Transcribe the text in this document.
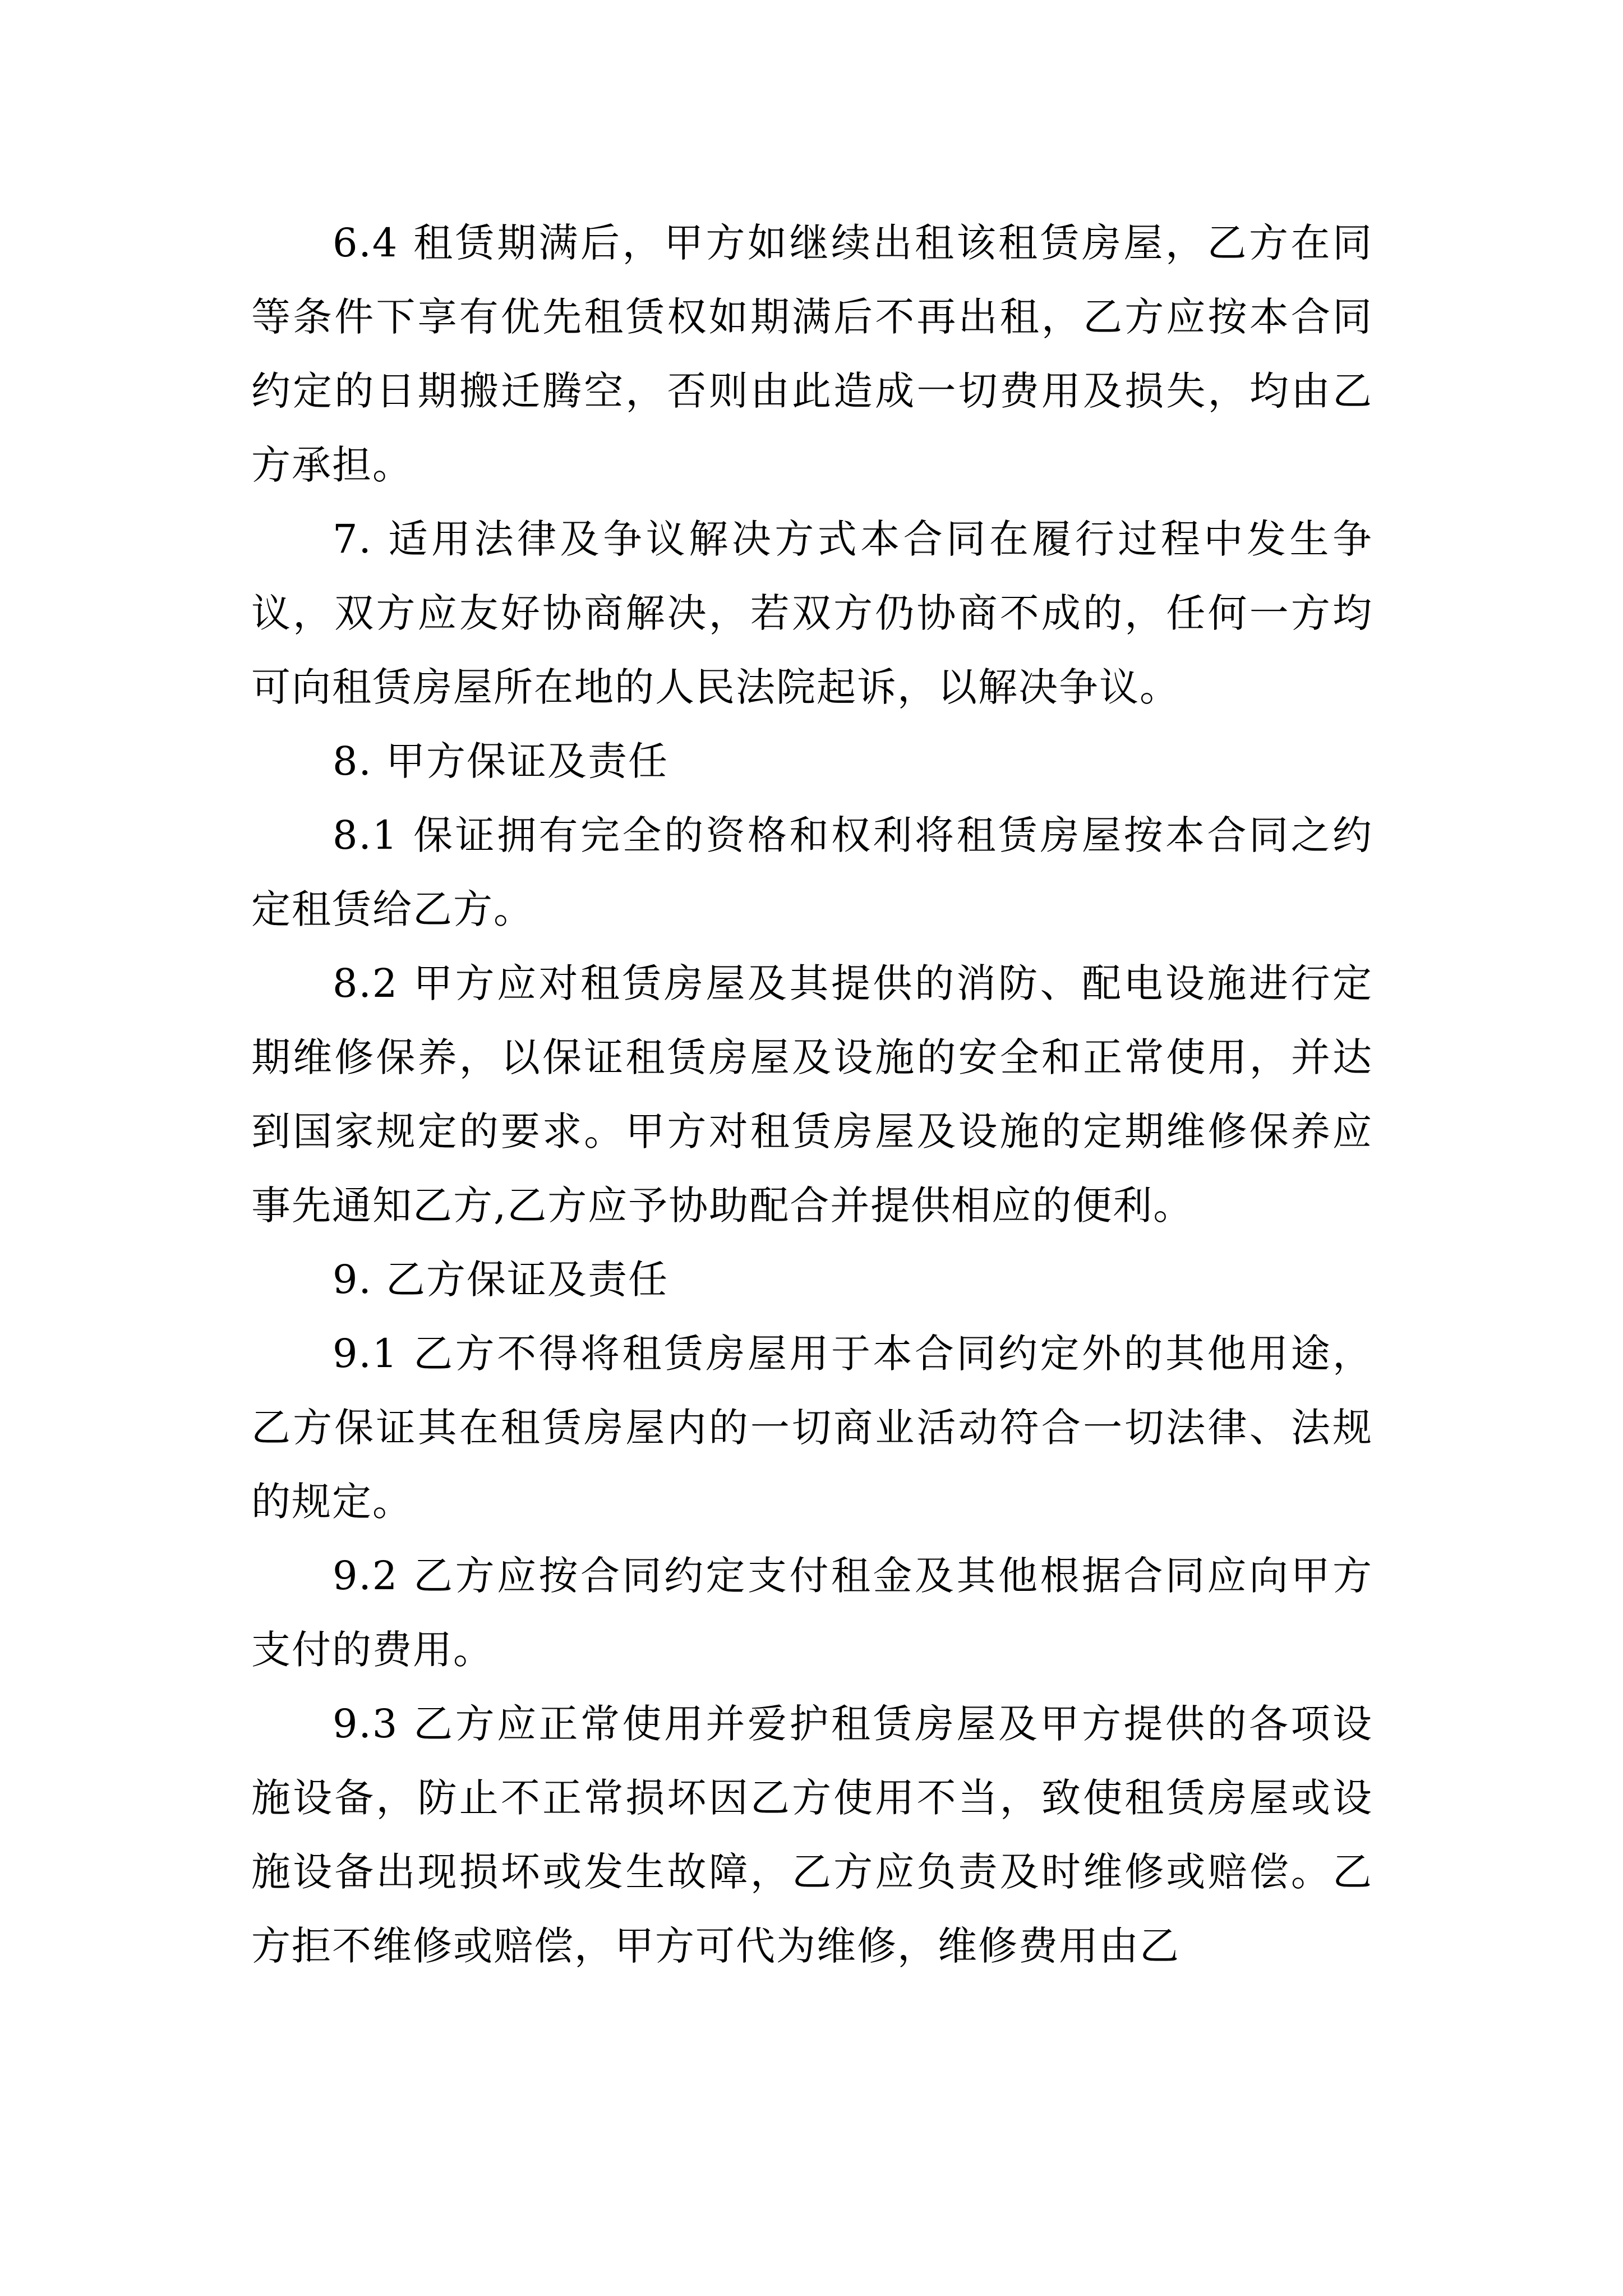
6.4 租赁期满后，甲方如继续出租该租赁房屋，乙方在同等条件下享有优先租赁权如期满后不再出租，乙方应按本合同约定的日期搬迁腾空，否则由此造成一切费用及损失，均由乙方承担。

7. 适用法律及争议解决方式本合同在履行过程中发生争议，双方应友好协商解决，若双方仍协商不成的，任何一方均可向租赁房屋所在地的人民法院起诉，以解决争议。

8. 甲方保证及责任

8.1 保证拥有完全的资格和权利将租赁房屋按本合同之约定租赁给乙方。

8.2 甲方应对租赁房屋及其提供的消防、配电设施进行定期维修保养，以保证租赁房屋及设施的安全和正常使用，并达到国家规定的要求。甲方对租赁房屋及设施的定期维修保养应事先通知乙方,乙方应予协助配合并提供相应的便利。

9. 乙方保证及责任

9.1 乙方不得将租赁房屋用于本合同约定外的其他用途，乙方保证其在租赁房屋内的一切商业活动符合一切法律、法规的规定。

9.2 乙方应按合同约定支付租金及其他根据合同应向甲方支付的费用。

9.3 乙方应正常使用并爱护租赁房屋及甲方提供的各项设施设备，防止不正常损坏因乙方使用不当，致使租赁房屋或设施设备出现损坏或发生故障，乙方应负责及时维修或赔偿。乙方拒不维修或赔偿，甲方可代为维修，维修费用由乙
